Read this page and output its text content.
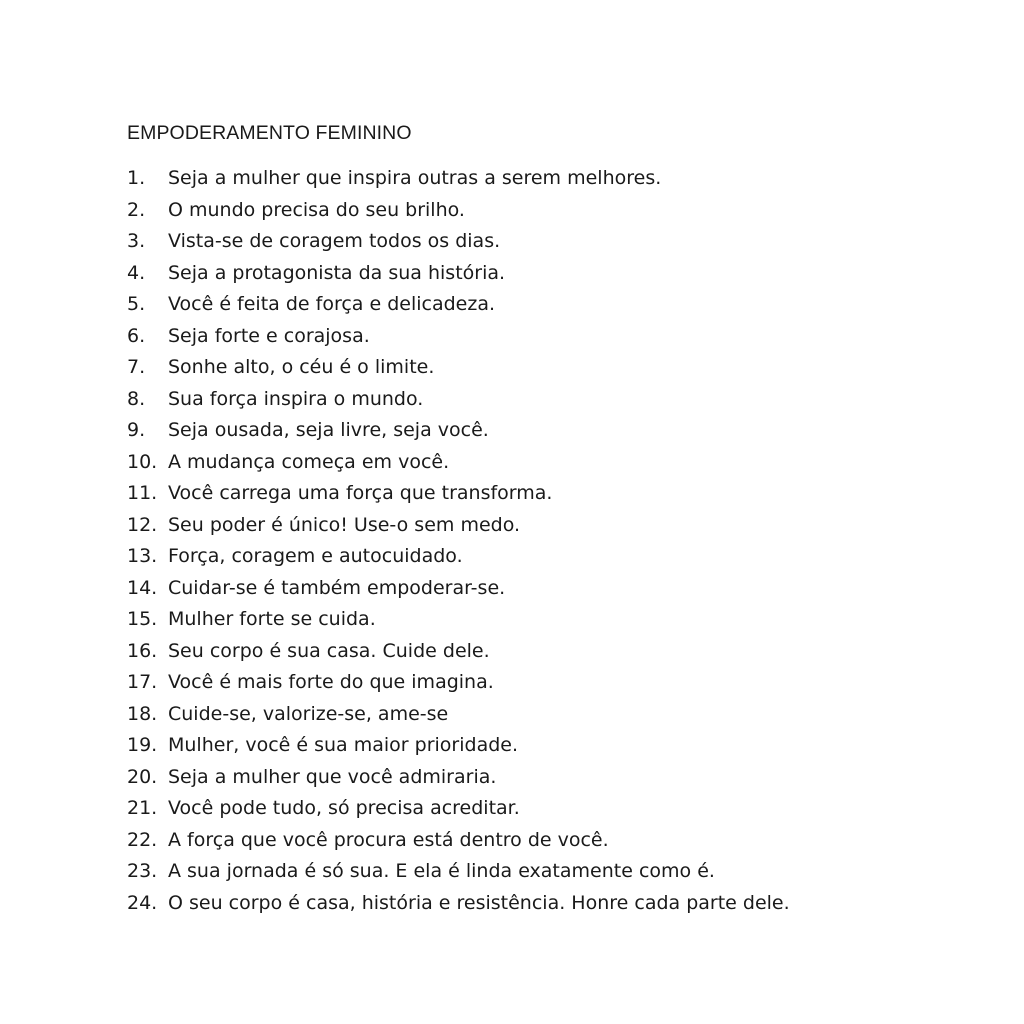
EMPODERAMENTO FEMININO
1.	Seja a mulher que inspira outras a serem melhores.
2.	O mundo precisa do seu brilho.
3.	Vista-se de coragem todos os dias.
4.	Seja a protagonista da sua história.
5.	Você é feita de força e delicadeza.
6.	Seja forte e corajosa.
7.	Sonhe alto, o céu é o limite.
8.	Sua força inspira o mundo.
9.	Seja ousada, seja livre, seja você.
10. A mudança começa em você.
11. Você carrega uma força que transforma.
12. Seu poder é único! Use-o sem medo.
13. Força, coragem e autocuidado.
14. Cuidar-se é também empoderar-se.
15. Mulher forte se cuida.
16. Seu corpo é sua casa. Cuide dele.
17. Você é mais forte do que imagina.
18. Cuide-se, valorize-se, ame-se
19. Mulher, você é sua maior prioridade.
20. Seja a mulher que você admiraria.
21. Você pode tudo, só precisa acreditar.
22. A força que você procura está dentro de você.
23. A sua jornada é só sua. E ela é linda exatamente como é.
24. O seu corpo é casa, história e resistência. Honre cada parte dele.
